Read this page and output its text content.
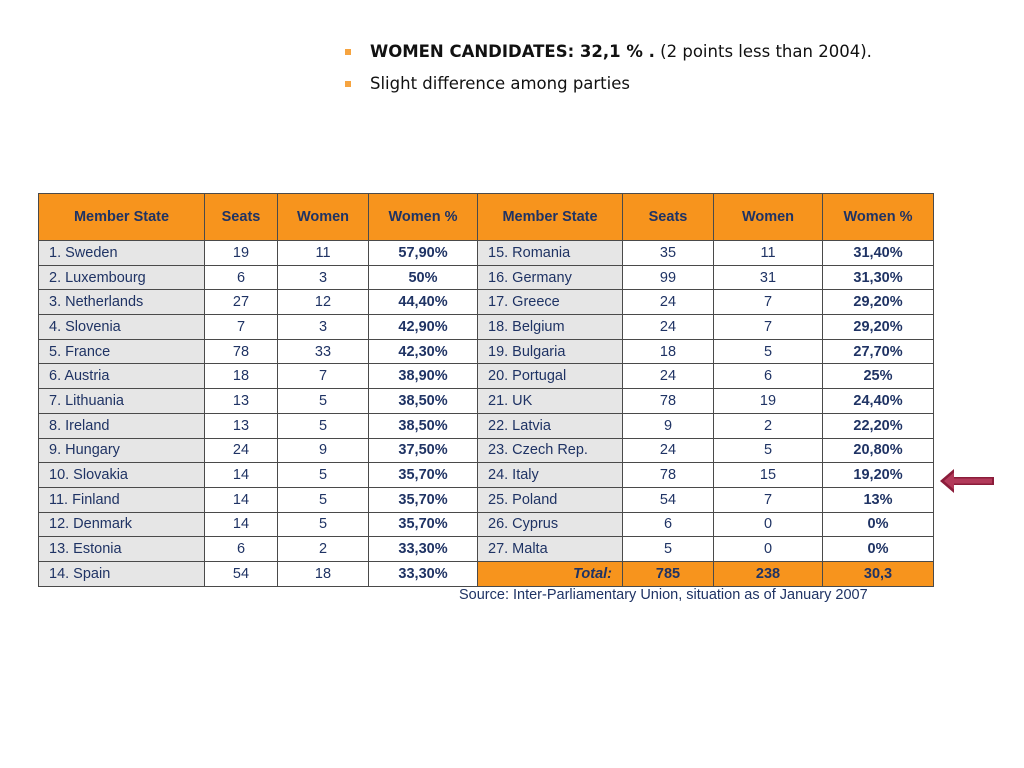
WOMEN CANDIDATES: 32,1 % . (2 points less than 2004).
Slight difference among parties
Member State	Seats	Women	Women %	Member State	Seats	Women	Women %
1. Sweden	19	11	57,90%	15. Romania	35	11	31,40%
2. Luxembourg	6	3	50%	16. Germany	99	31	31,30%
3. Netherlands	27	12	44,40%	17. Greece	24	7	29,20%
4. Slovenia	7	3	42,90%	18. Belgium	24	7	29,20%
5. France	78	33	42,30%	19. Bulgaria	18	5	27,70%
6. Austria	18	7	38,90%	20. Portugal	24	6	25%
7. Lithuania	13	5	38,50%	21. UK	78	19	24,40%
8. Ireland	13	5	38,50%	22. Latvia	9	2	22,20%
9. Hungary	24	9	37,50%	23. Czech Rep.	24	5	20,80%
10. Slovakia	14	5	35,70%	24. Italy	78	15	19,20%
11. Finland	14	5	35,70%	25. Poland	54	7	13%
12. Denmark	14	5	35,70%	26. Cyprus	6	0	0%
13. Estonia	6	2	33,30%	27. Malta	5	0	0%
14. Spain	54	18	33,30%	Total:	785	238	30,3
Source: Inter-Parliamentary Union, situation as of January 2007
